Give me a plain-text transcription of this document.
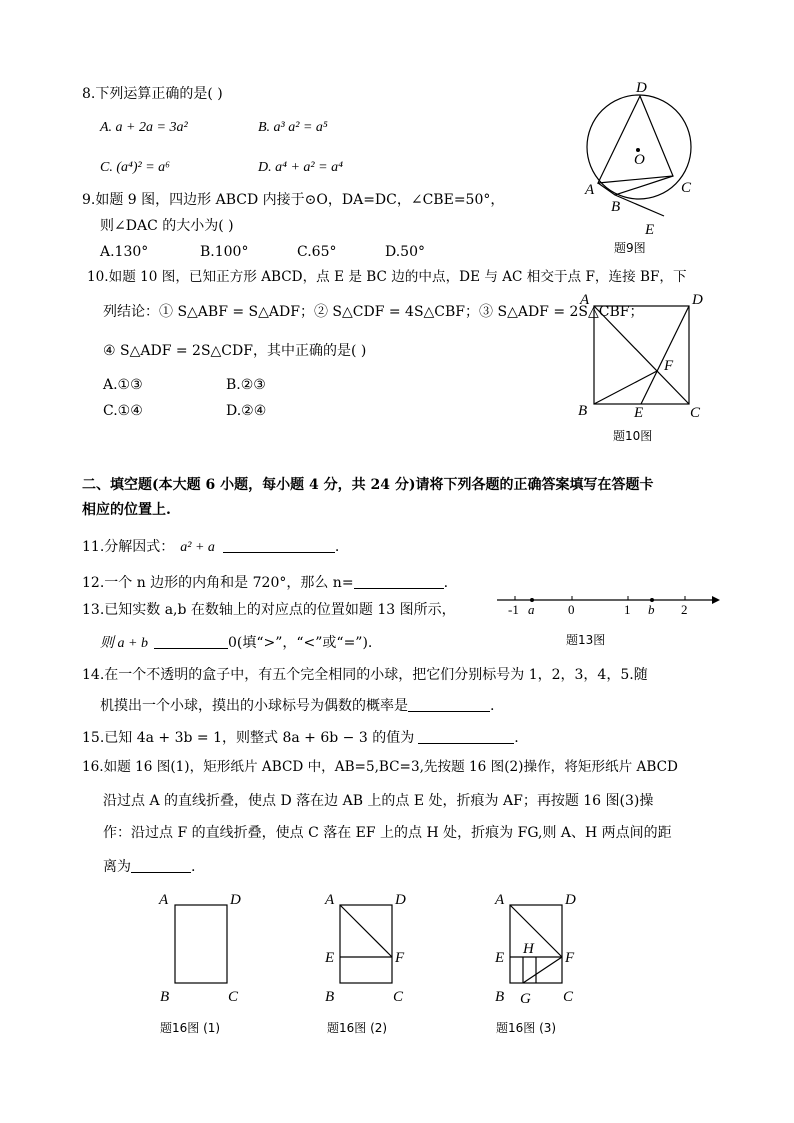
8.下列运算正确的是( )
A. a + 2a = 3a²	B. a³ a² = a⁵
C. (a⁴)² = a⁶	D. a⁴ + a² = a⁴
D
O
A
B
C
E
题9图
9.如题 9 图，四边形 ABCD 内接于⊙O，DA=DC，∠CBE=50°，
则∠DAC 的大小为( )
A.130°	B.100°	C.65°	D.50°
10.如题 10 图，已知正方形 ABCD，点 E 是 BC 边的中点，DE 与 AC 相交于点 F，连接 BF，下
列结论：① S△ABF = S△ADF；② S△CDF = 4S△CBF；③ S△ADF = 2S△CBF；
④ S△ADF = 2S△CDF，其中正确的是( )
A.①③	B.②③
C.①④	D.②④
A	D
F
B	E	C
题10图
二、填空题(本大题 6 小题，每小题 4 分，共 24 分)请将下列各题的正确答案填写在答题卡
相应的位置上.
11.分解因式： a² + a	.
12.一个 n 边形的内角和是 720°，那么 n=	.
13.已知实数 a,b 在数轴上的对应点的位置如题 13 图所示，
则 a + b	0(填“>”，“<”或“=”).
-1 a	0	1 b 2
题13图
14.在一个不透明的盒子中，有五个完全相同的小球，把它们分别标号为 1，2，3，4，5.随
机摸出一个小球，摸出的小球标号为偶数的概率是	.
15.已知 4a + 3b = 1，则整式 8a + 6b − 3 的值为	.
16.如题 16 图(1)，矩形纸片 ABCD 中，AB=5,BC=3,先按题 16 图(2)操作，将矩形纸片 ABCD
沿过点 A 的直线折叠，使点 D 落在边 AB 上的点 E 处，折痕为 AF；再按题 16 图(3)操
作：沿过点 F 的直线折叠，使点 C 落在 EF 上的点 H 处，折痕为 FG,则 A、H 两点间的距
离为	.
A	D
B	C
题16图 (1)
A	D
E	F
B	C
题16图 (2)
A	D
E
H
F
B G C
题16图 (3)
